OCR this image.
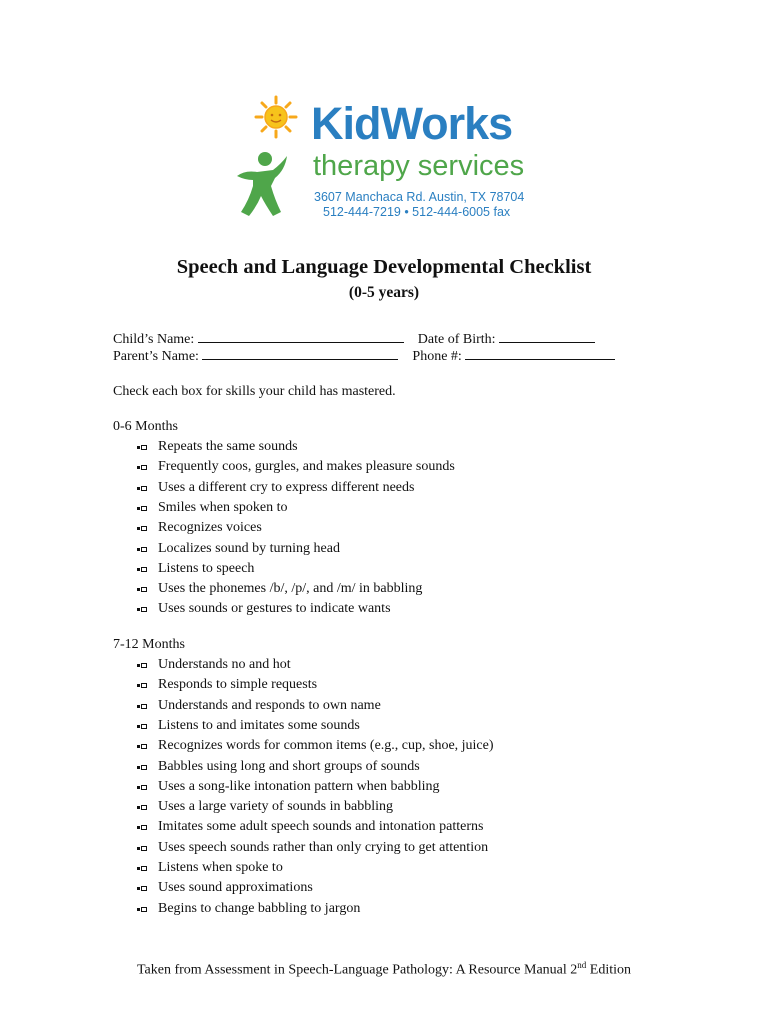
KidWorks
therapy services
3607 Manchaca Rd. Austin, TX 78704
512-444-7219 • 512-444-6005 fax
Speech and Language Developmental Checklist
(0-5 years)
Child’s Name:	Date of Birth:
Parent’s Name:	Phone #:
Check each box for skills your child has mastered.
0-6 Months
Repeats the same sounds
Frequently coos, gurgles, and makes pleasure sounds
Uses a different cry to express different needs
Smiles when spoken to
Recognizes voices
Localizes sound by turning head
Listens to speech
Uses the phonemes /b/, /p/, and /m/ in babbling
Uses sounds or gestures to indicate wants
7-12 Months
Understands no and hot
Responds to simple requests
Understands and responds to own name
Listens to and imitates some sounds
Recognizes words for common items (e.g., cup, shoe, juice)
Babbles using long and short groups of sounds
Uses a song-like intonation pattern when babbling
Uses a large variety of sounds in babbling
Imitates some adult speech sounds and intonation patterns
Uses speech sounds rather than only crying to get attention
Listens when spoke to
Uses sound approximations
Begins to change babbling to jargon
Taken from Assessment in Speech-Language Pathology: A Resource Manual 2nd Edition
